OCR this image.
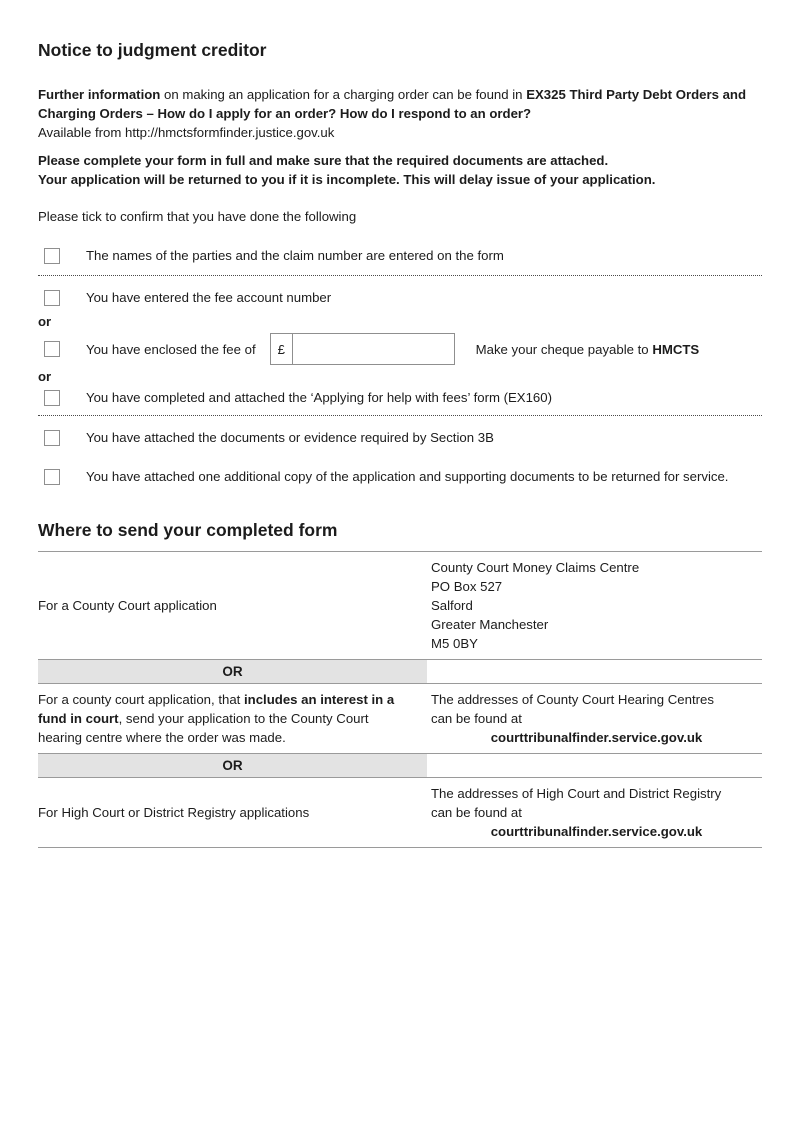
Notice to judgment creditor

Further information on making an application for a charging order can be found in EX325 Third Party Debt Orders and Charging Orders – How do I apply for an order? How do I respond to an order?
Available from http://hmctsformfinder.justice.gov.uk

Please complete your form in full and make sure that the required documents are attached.
Your application will be returned to you if it is incomplete. This will delay issue of your application.

Please tick to confirm that you have done the following

The names of the parties and the claim number are entered on the form
You have entered the fee account number
or
You have enclosed the fee of	£	Make your cheque payable to HMCTS
or
You have completed and attached the ‘Applying for help with fees’ form (EX160)
You have attached the documents or evidence required by Section 3B
You have attached one additional copy of the application and supporting documents to be returned for service.
Where to send your completed form
For a County Court application
County Court Money Claims Centre
PO Box 527
Salford
Greater Manchester
M5 0BY
OR
For a county court application, that includes an interest in a fund in court, send your application to the County Court hearing centre where the order was made.
The addresses of County Court Hearing Centres
can be found at
courttribunalfinder.service.gov.uk
OR
For High Court or District Registry applications
The addresses of High Court and District Registry
can be found at
courttribunalfinder.service.gov.uk
